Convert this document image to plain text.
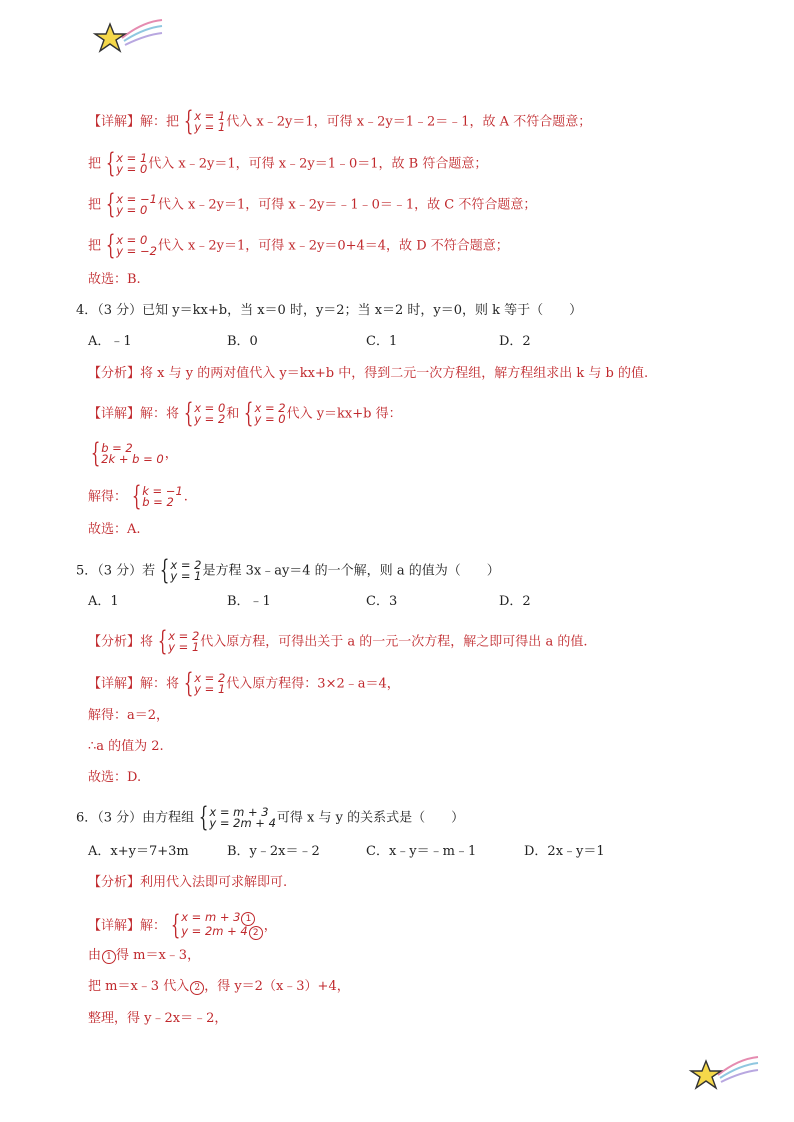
【详解】解：把 { x = 1
y = 1 代入 x﹣2y＝1，可得 x﹣2y＝1﹣2＝﹣1，故 A 不符合题意；
把 { x = 1
y = 0 代入 x﹣2y＝1，可得 x﹣2y＝1﹣0＝1，故 B 符合题意；
把 { x = −1
y = 0 代入 x﹣2y＝1，可得 x﹣2y＝﹣1﹣0＝﹣1，故 C 不符合题意；
把 { x = 0
y = −2 代入 x﹣2y＝1，可得 x﹣2y＝0+4＝4，故 D 不符合题意；
故选：B.
4．（3 分）已知 y＝kx+b，当 x＝0 时，y＝2；当 x＝2 时，y＝0，则 k 等于（　　）
A．﹣1	B．0	C．1	D．2
【分析】将 x 与 y 的两对值代入 y＝kx+b 中，得到二元一次方程组，解方程组求出 k 与 b 的值.
【详解】解：将 { x = 0
y = 2 和 { x = 2
y = 0 代入 y＝kx+b 得：
{ b = 2
2k + b = 0 ，
解得： { k = −1
b = 2 .
故选：A.
5．（3 分）若 { x = 2
y = 1 是方程 3x﹣ay＝4 的一个解，则 a 的值为（　　）
A．1	B．﹣1	C．3	D．2
【分析】将 { x = 2
y = 1 代入原方程，可得出关于 a 的一元一次方程，解之即可得出 a 的值.
【详解】解：将 { x = 2
y = 1 代入原方程得：3×2﹣a＝4，
解得：a＝2，
∴a 的值为 2.
故选：D.
6．（3 分）由方程组 { x = m + 3
y = 2m + 4 可得 x 与 y 的关系式是（　　）
A．x+y＝7+3m	B．y﹣2x＝﹣2	C．x﹣y＝﹣m﹣1	D．2x﹣y＝1
【分析】利用代入法即可求解即可.
【详解】解： { x = m + 3 1
y = 2m + 4 2 ，
由 1 得 m＝x﹣3，
把 m＝x﹣3 代入 2 ，得 y＝2（x﹣3）+4，
整理，得 y﹣2x＝﹣2，
